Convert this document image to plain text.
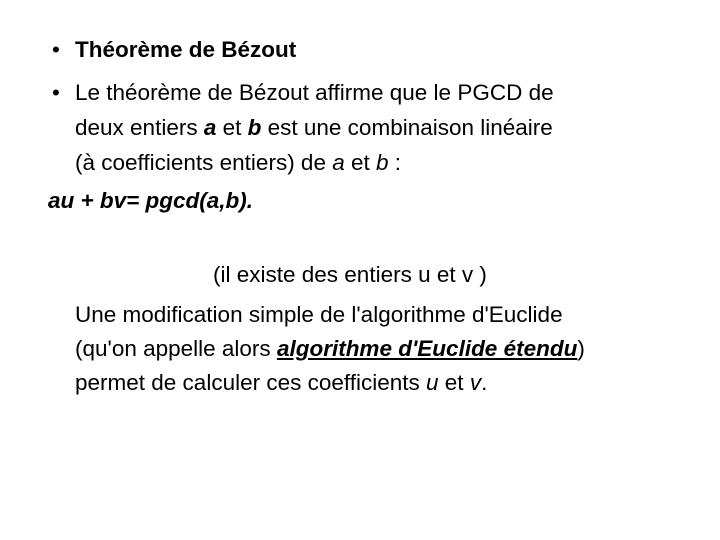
• Théorème de Bézout
• Le théorème de Bézout affirme que le PGCD de
deux entiers a et b est une combinaison linéaire
(à coefficients entiers) de a et b :
au + bv= pgcd(a,b).
(il existe des entiers u et v )
Une modification simple de l'algorithme d'Euclide
(qu'on appelle alors algorithme d'Euclide étendu)
permet de calculer ces coefficients u et v.
